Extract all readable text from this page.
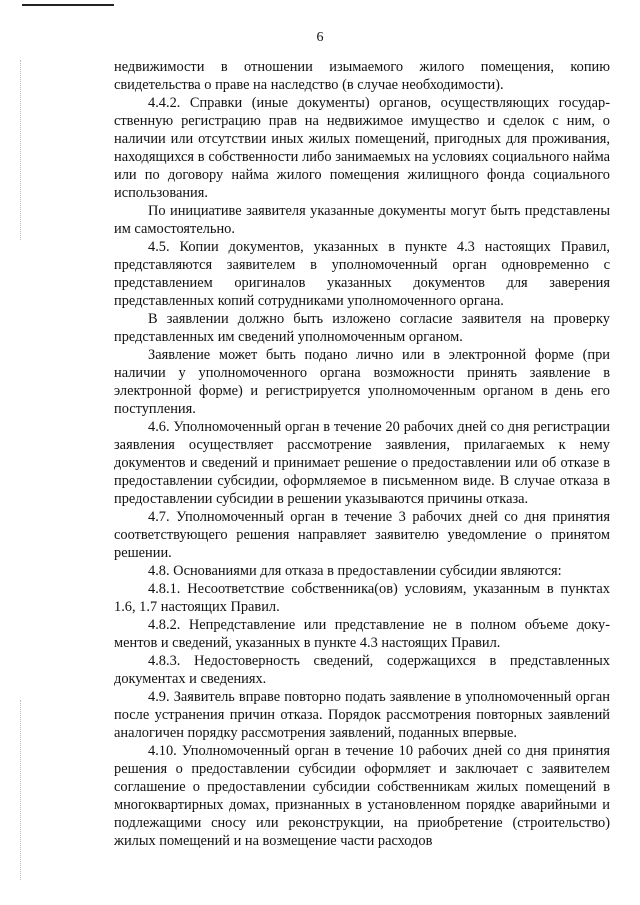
6

недвижимости в отношении изымаемого жилого помещения, копию свидетельства о праве на наследство (в случае необходимости).

4.4.2. Справки (иные документы) органов, осуществляющих государ-ственную регистрацию прав на недвижимое имущество и сделок с ним, о наличии или отсутствии иных жилых помещений, пригодных для проживания, находящихся в собственности либо занимаемых на условиях социального найма или по договору найма жилого помещения жилищного фонда социального использования.

По инициативе заявителя указанные документы могут быть представлены им самостоятельно.

4.5. Копии документов, указанных в пункте 4.3 настоящих Правил, представляются заявителем в уполномоченный орган одновременно с представлением оригиналов указанных документов для заверения представленных копий сотрудниками уполномоченного органа.

В заявлении должно быть изложено согласие заявителя на проверку представленных им сведений уполномоченным органом.

Заявление может быть подано лично или в электронной форме (при наличии у уполномоченного органа возможности принять заявление в электронной форме) и регистрируется уполномоченным органом в день его поступления.

4.6. Уполномоченный орган в течение 20 рабочих дней со дня регистрации заявления осуществляет рассмотрение заявления, прилагаемых к нему документов и сведений и принимает решение о предоставлении или об отказе в предоставлении субсидии, оформляемое в письменном виде. В случае отказа в предоставлении субсидии в решении указываются причины отказа.

4.7. Уполномоченный орган в течение 3 рабочих дней со дня принятия соответствующего решения направляет заявителю уведомление о принятом решении.

4.8. Основаниями для отказа в предоставлении субсидии являются:

4.8.1. Несоответствие собственника(ов) условиям, указанным в пунктах 1.6, 1.7 настоящих Правил.

4.8.2. Непредставление или представление не в полном объеме доку-ментов и сведений, указанных в пункте 4.3 настоящих Правил.

4.8.3. Недостоверность сведений, содержащихся в представленных документах и сведениях.

4.9. Заявитель вправе повторно подать заявление в уполномоченный орган после устранения причин отказа. Порядок рассмотрения повторных заявлений аналогичен порядку рассмотрения заявлений, поданных впервые.

4.10. Уполномоченный орган в течение 10 рабочих дней со дня принятия решения о предоставлении субсидии оформляет и заключает с заявителем соглашение о предоставлении субсидии собственникам жилых помещений в многоквартирных домах, признанных в установленном порядке аварийными и подлежащими сносу или реконструкции, на приобретение (строительство) жилых помещений и на возмещение части расходов
